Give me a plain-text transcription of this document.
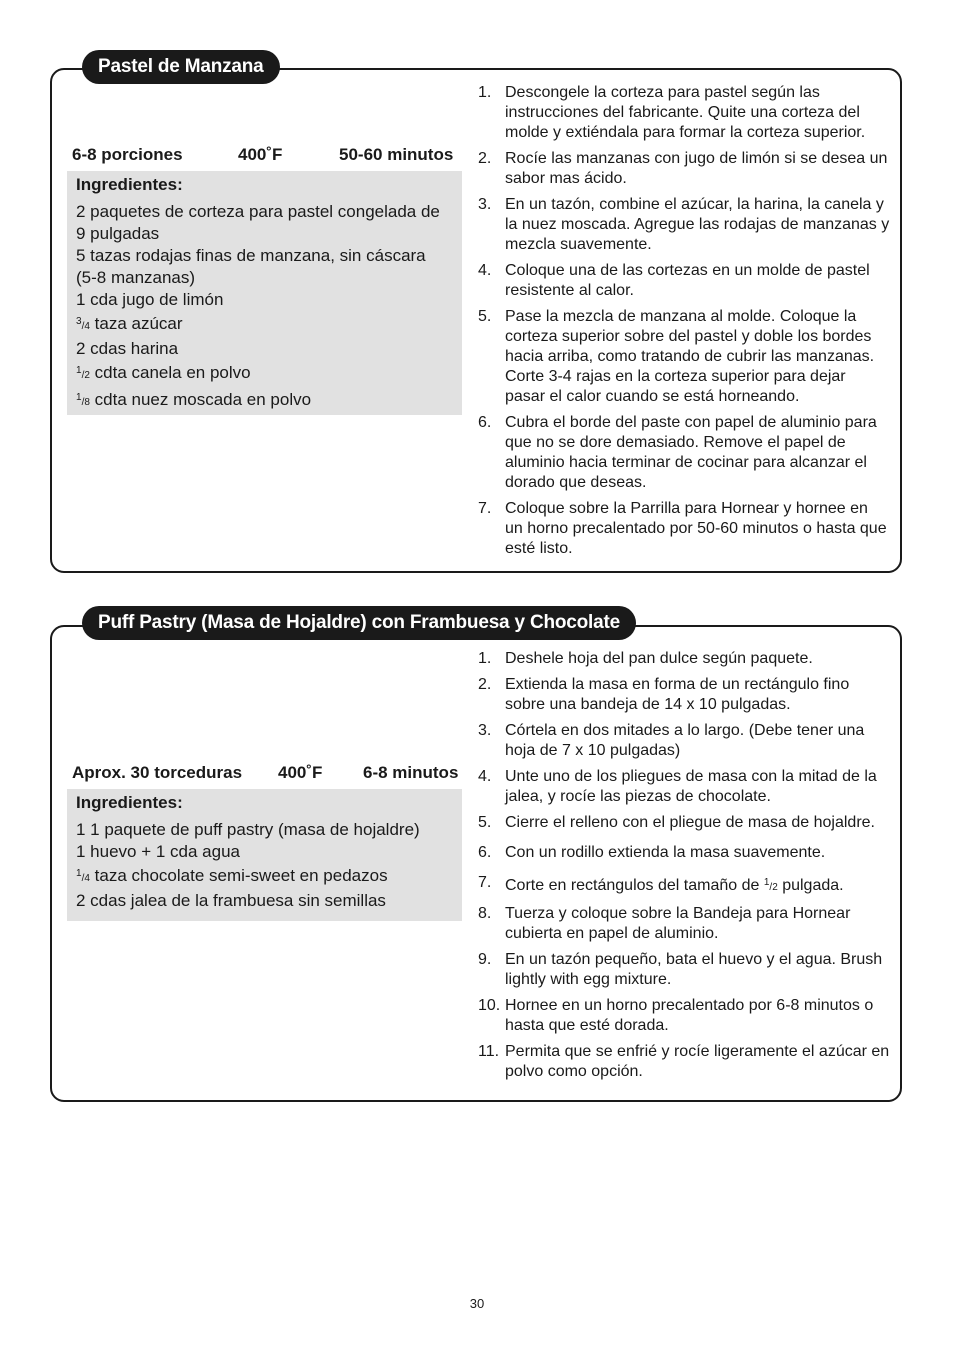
Pastel de Manzana
6-8 porciones	400˚F	50-60 minutos
Ingredientes:
2 paquetes de corteza para pastel congelada de
9 pulgadas
5 tazas rodajas finas de manzana, sin cáscara
(5-8 manzanas)
1 cda jugo de limón
$^3$/4 taza azúcar
2 cdas harina
$^1$/2 cdta canela en polvo
$^1$/8 cdta nuez moscada en polvo
1. Descongele la corteza para pastel según las instrucciones del fabricante. Quite una corteza del molde y extiéndala para formar la corteza superior.
2. Rocíe las manzanas con jugo de limón si se desea un sabor mas ácido.
3. En un tazón, combine el azúcar, la harina, la canela y la nuez moscada. Agregue las rodajas de manzanas y mezcla suavemente.
4. Coloque una de las cortezas en un molde de pastel resistente al calor.
5. Pase la mezcla de manzana al molde. Coloque la corteza superior sobre del pastel y doble los bordes hacia arriba, como tratando de cubrir las manzanas. Corte 3-4 rajas en la corteza superior para dejar pasar el calor cuando se está horneando.
6. Cubra el borde del paste con papel de aluminio para que no se dore demasiado. Remove el papel de aluminio hacia terminar de cocinar para alcanzar el dorado que deseas.
7. Coloque sobre la Parrilla para Hornear y hornee en un horno precalentado por 50-60 minutos o hasta que esté listo.
Puff Pastry (Masa de Hojaldre) con Frambuesa y Chocolate
Aprox. 30 torceduras 400˚F 6-8 minutos
Ingredientes:
1 1 paquete de puff pastry (masa de hojaldre)
1 huevo + 1 cda agua
$^1$/4 taza chocolate semi-sweet en pedazos
2 cdas jalea de la frambuesa sin semillas
1. Deshele hoja del pan dulce según paquete.
2. Extienda la masa en forma de un rectángulo fino sobre una bandeja de 14 x 10 pulgadas.
3. Córtela en dos mitades a lo largo. (Debe tener una hoja de 7 x 10 pulgadas)
4. Unte uno de los pliegues de masa con la mitad de la jalea, y rocíe las piezas de chocolate.
5. Cierre el relleno con el pliegue de masa de hojaldre.
6. Con un rodillo extienda la masa suavemente.
7. Corte en rectángulos del tamaño de $^1$/2 pulgada.
8. Tuerza y coloque sobre la Bandeja para Hornear cubierta en papel de aluminio.
9. En un tazón pequeño, bata el huevo y el agua. Brush lightly with egg mixture.
10. Hornee en un horno precalentado por 6-8 minutos o hasta que esté dorada.
11. Permita que se enfrié y rocíe ligeramente el azúcar en polvo como opción.
30
